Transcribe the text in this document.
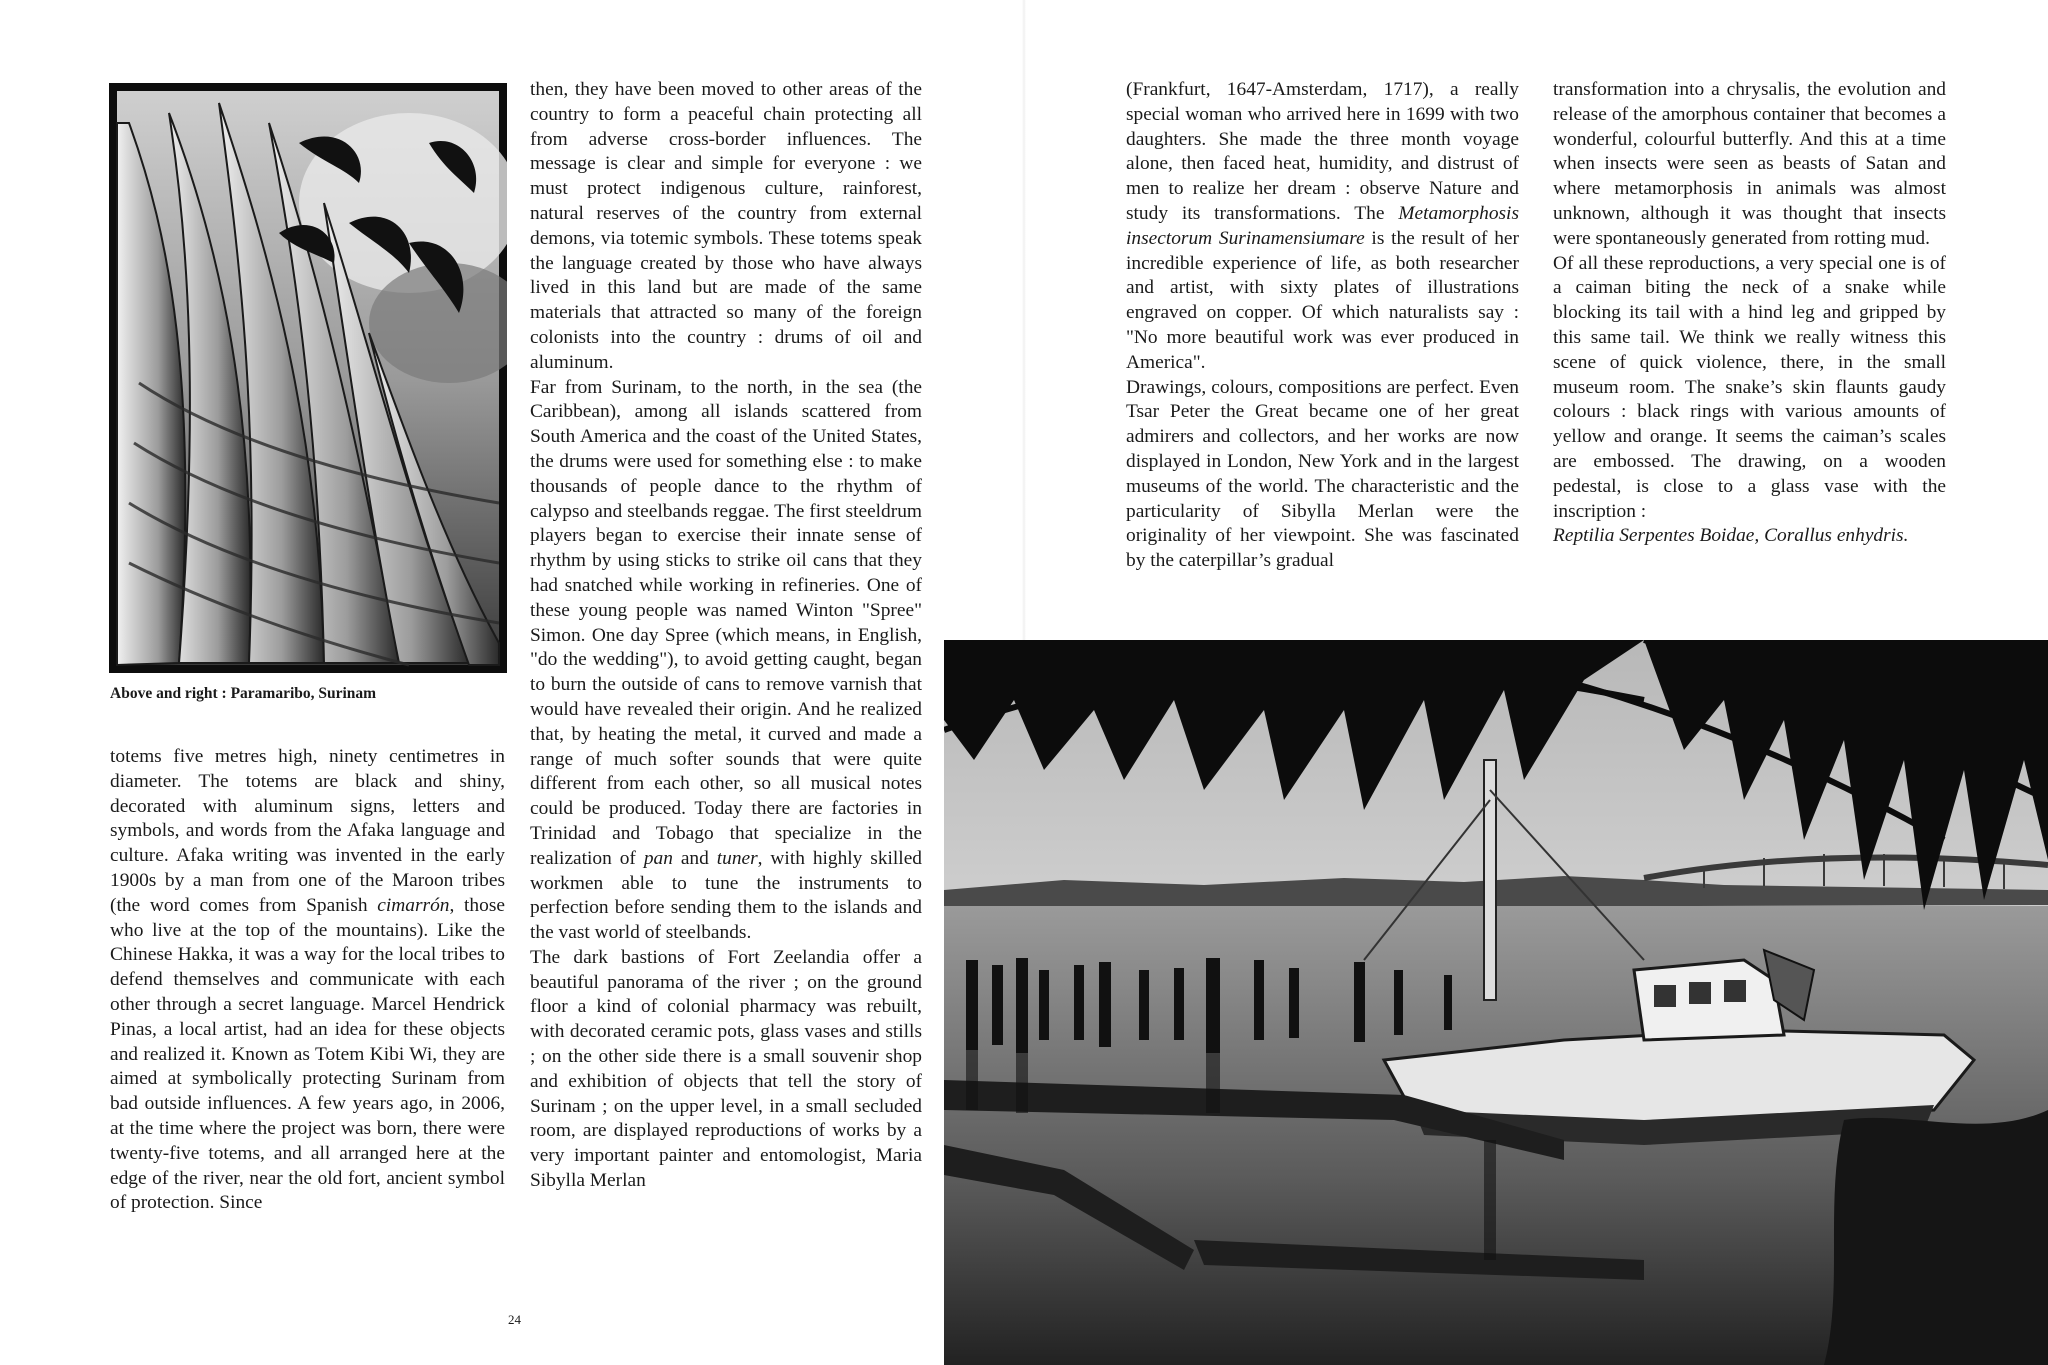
Above and right : Paramaribo, Surinam

totems five metres high, ninety centimetres in diameter. The totems are black and shiny, decorated with aluminum signs, letters and symbols, and words from the Afaka language and culture. Afaka writing was invented in the early 1900s by a man from one of the Maroon tribes (the word comes from Spanish cimarrón, those who live at the top of the mountains). Like the Chinese Hakka, it was a way for the local tribes to defend themselves and communicate with each other through a secret language. Marcel Hendrick Pinas, a local artist, had an idea for these objects and realized it. Known as Totem Kibi Wi, they are aimed at symbolically protecting Surinam from bad outside influences. A few years ago, in 2006, at the time where the project was born, there were twenty-five totems, and all arranged here at the edge of the river, near the old fort, ancient symbol of protection. Since

then, they have been moved to other areas of the country to form a peaceful chain protecting all from adverse cross-border influences. The message is clear and simple for everyone : we must protect indigenous culture, rainforest, natural reserves of the country from external demons, via totemic symbols. These totems speak the language created by those who have always lived in this land but are made of the same materials that attracted so many of the foreign colonists into the country : drums of oil and aluminum.

Far from Surinam, to the north, in the sea (the Caribbean), among all islands scattered from South America and the coast of the United States, the drums were used for something else : to make thousands of people dance to the rhythm of calypso and steelbands reggae. The first steeldrum players began to exercise their innate sense of rhythm by using sticks to strike oil cans that they had snatched while working in refineries. One of these young people was named Winton "Spree" Simon. One day Spree (which means, in English, "do the wedding"), to avoid getting caught, began to burn the outside of cans to remove varnish that would have revealed their origin. And he realized that, by heating the metal, it curved and made a range of much softer sounds that were quite different from each other, so all musical notes could be produced. Today there are factories in Trinidad and Tobago that specialize in the realization of pan and tuner, with highly skilled workmen able to tune the instruments to perfection before sending them to the islands and the vast world of steelbands.

The dark bastions of Fort Zeelandia offer a beautiful panorama of the river ; on the ground floor a kind of colonial pharmacy was rebuilt, with decorated ceramic pots, glass vases and stills ; on the other side there is a small souvenir shop and exhibition of objects that tell the story of Surinam ; on the upper level, in a small secluded room, are displayed reproductions of works by a very important painter and entomologist, Maria Sibylla Merlan

24

(Frankfurt, 1647-Amsterdam, 1717), a really special woman who arrived here in 1699 with two daughters. She made the three month voyage alone, then faced heat, humidity, and distrust of men to realize her dream : observe Nature and study its transformations. The Metamorphosis insectorum Surinamensiumare is the result of her incredible experience of life, as both researcher and artist, with sixty plates of illustrations engraved on copper. Of which naturalists say : "No more beautiful work was ever produced in America".

Drawings, colours, compositions are perfect. Even Tsar Peter the Great became one of her great admirers and collectors, and her works are now displayed in London, New York and in the largest museums of the world. The characteristic and the particularity of Sibylla Merlan were the originality of her viewpoint. She was fascinated by the caterpillar’s gradual

transformation into a chrysalis, the evolution and release of the amorphous container that becomes a wonderful, colourful butterfly. And this at a time when insects were seen as beasts of Satan and where metamorphosis in animals was almost unknown, although it was thought that insects were spontaneously generated from rotting mud.

Of all these reproductions, a very special one is of a caiman biting the neck of a snake while blocking its tail with a hind leg and gripped by this same tail. We think we really witness this scene of quick violence, there, in the small museum room. The snake’s skin flaunts gaudy colours : black rings with various amounts of yellow and orange. It seems the caiman’s scales are embossed. The drawing, on a wooden pedestal, is close to a glass vase with the inscription :

Reptilia Serpentes Boidae, Corallus enhydris.
